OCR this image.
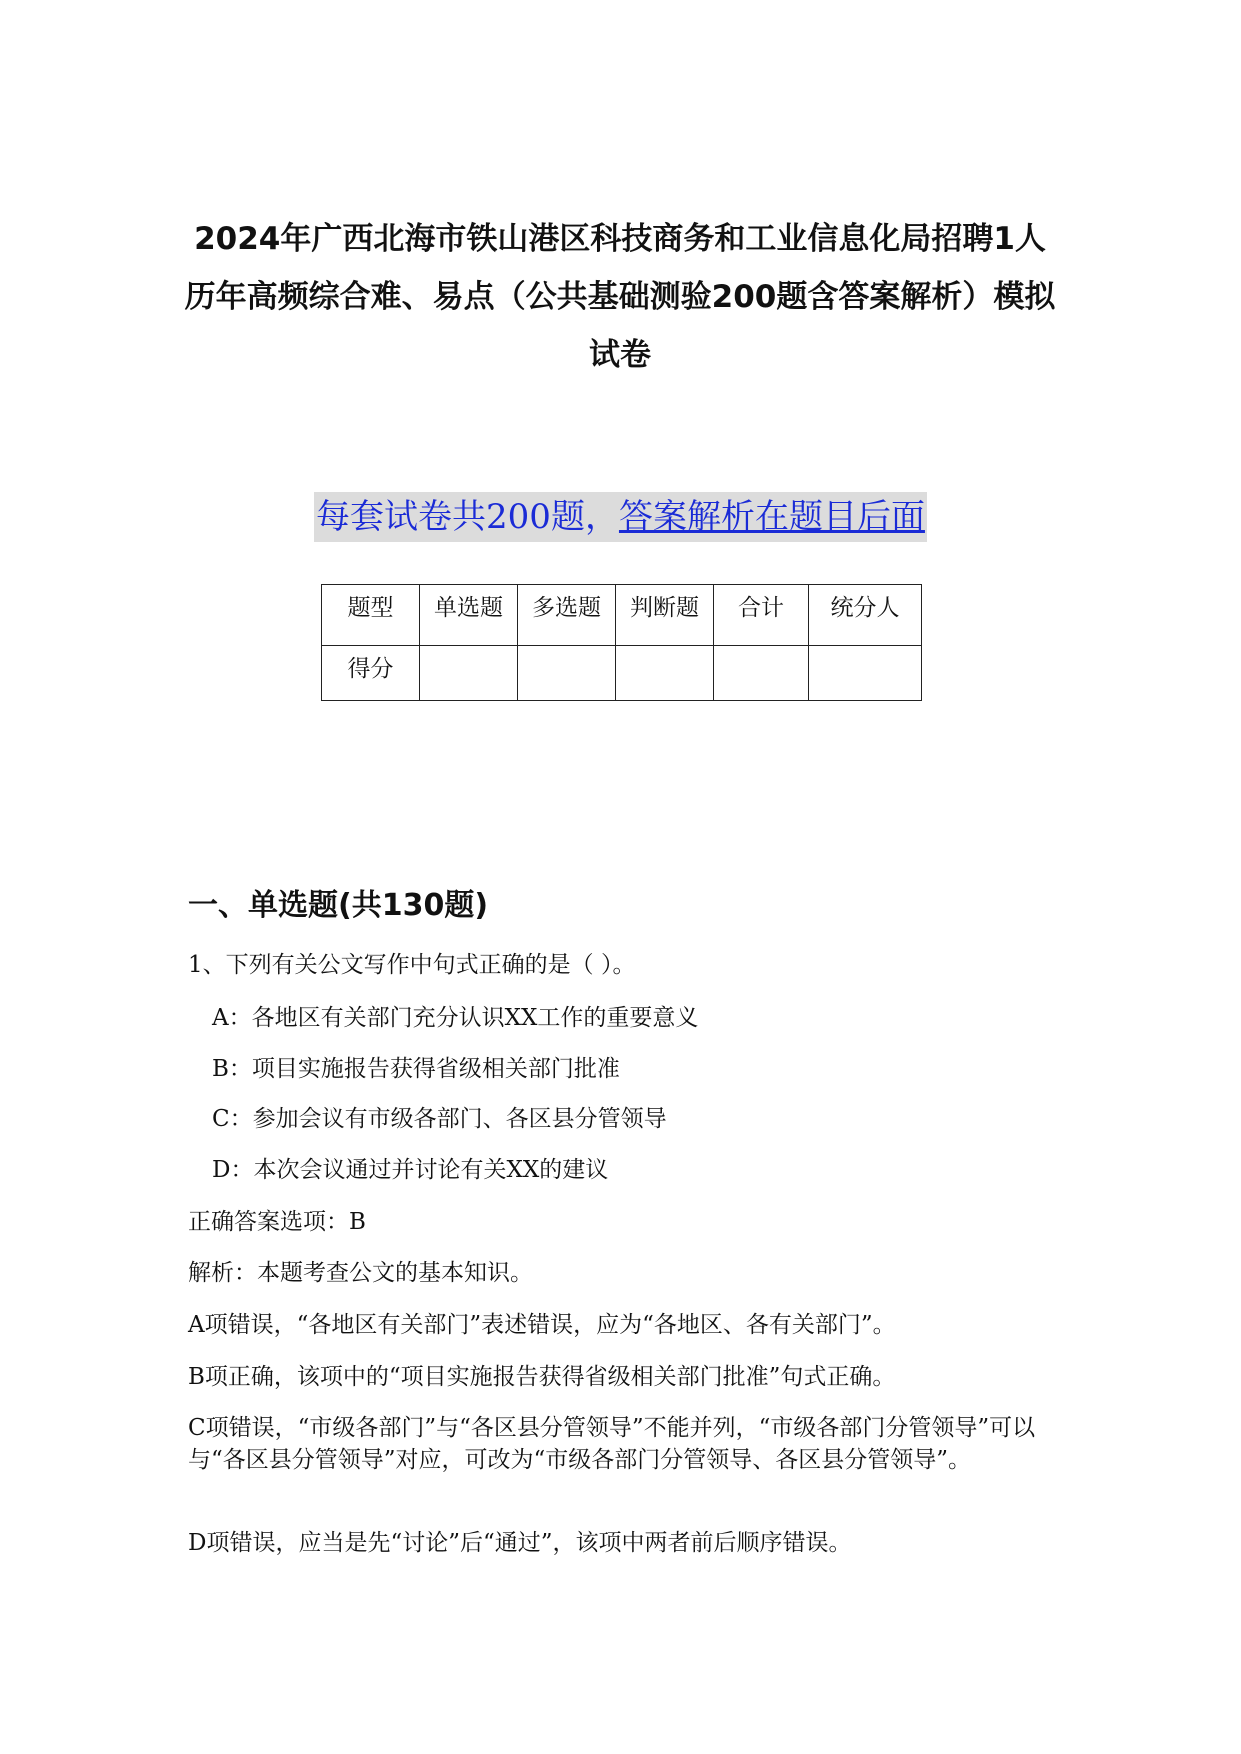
2024年广西北海市铁山港区科技商务和工业信息化局招聘1人历年高频综合难、易点（公共基础测验200题含答案解析）模拟试卷
每套试卷共200题，答案解析在题目后面
题型	单选题	多选题	判断题	合计	统分人
得分					
一、单选题(共130题)
1、下列有关公文写作中句式正确的是（ ）。
A：各地区有关部门充分认识XX工作的重要意义
B：项目实施报告获得省级相关部门批准
C：参加会议有市级各部门、各区县分管领导
D：本次会议通过并讨论有关XX的建议
正确答案选项：B
解析：本题考查公文的基本知识。
A项错误，“各地区有关部门”表述错误，应为“各地区、各有关部门”。
B项正确，该项中的“项目实施报告获得省级相关部门批准”句式正确。
C项错误，“市级各部门”与“各区县分管领导”不能并列，“市级各部门分管领导”可以与“各区县分管领导”对应，可改为“市级各部门分管领导、各区县分管领导”。
D项错误，应当是先“讨论”后“通过”，该项中两者前后顺序错误。
